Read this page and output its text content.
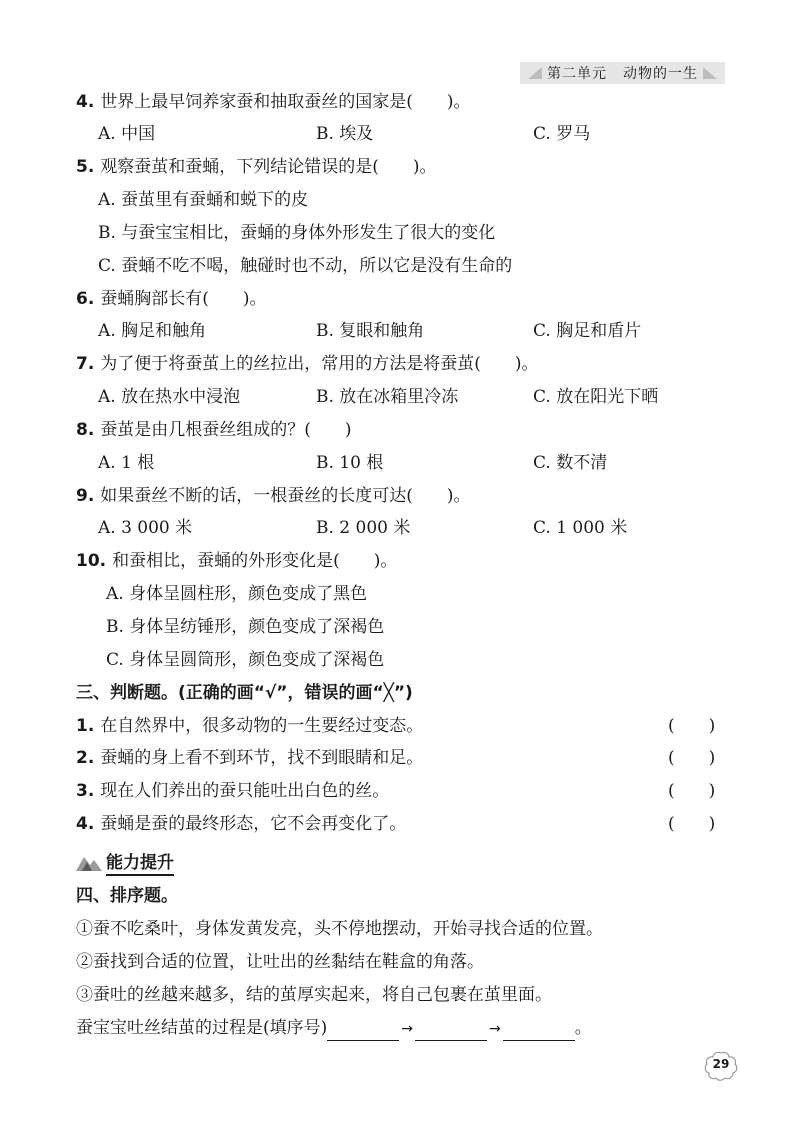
第二单元 动物的一生
4. 世界上最早饲养家蚕和抽取蚕丝的国家是(　　)。
A. 中国	B. 埃及	C. 罗马
5. 观察蚕茧和蚕蛹，下列结论错误的是(　　)。
A. 蚕茧里有蚕蛹和蜕下的皮
B. 与蚕宝宝相比，蚕蛹的身体外形发生了很大的变化
C. 蚕蛹不吃不喝，触碰时也不动，所以它是没有生命的
6. 蚕蛹胸部长有(　　)。
A. 胸足和触角	B. 复眼和触角	C. 胸足和盾片
7. 为了便于将蚕茧上的丝拉出，常用的方法是将蚕茧(　　)。
A. 放在热水中浸泡	B. 放在冰箱里冷冻	C. 放在阳光下晒
8. 蚕茧是由几根蚕丝组成的？(　　)
A. 1 根	B. 10 根	C. 数不清
9. 如果蚕丝不断的话，一根蚕丝的长度可达(　　)。
A. 3 000 米	B. 2 000 米	C. 1 000 米
10. 和蚕相比，蚕蛹的外形变化是(　　)。
A. 身体呈圆柱形，颜色变成了黑色
B. 身体呈纺锤形，颜色变成了深褐色
C. 身体呈圆筒形，颜色变成了深褐色
三、判断题。(正确的画“√”，错误的画“╳”)
1. 在自然界中，很多动物的一生要经过变态。	(　　)
2. 蚕蛹的身上看不到环节，找不到眼睛和足。	(　　)
3. 现在人们养出的蚕只能吐出白色的丝。	(　　)
4. 蚕蛹是蚕的最终形态，它不会再变化了。	(　　)
能力提升
四、排序题。
①蚕不吃桑叶，身体发黄发亮，头不停地摆动，开始寻找合适的位置。
②蚕找到合适的位置，让吐出的丝黏结在鞋盒的角落。
③蚕吐的丝越来越多，结的茧厚实起来，将自己包裹在茧里面。
蚕宝宝吐丝结茧的过程是(填序号)	→	→	。
29
